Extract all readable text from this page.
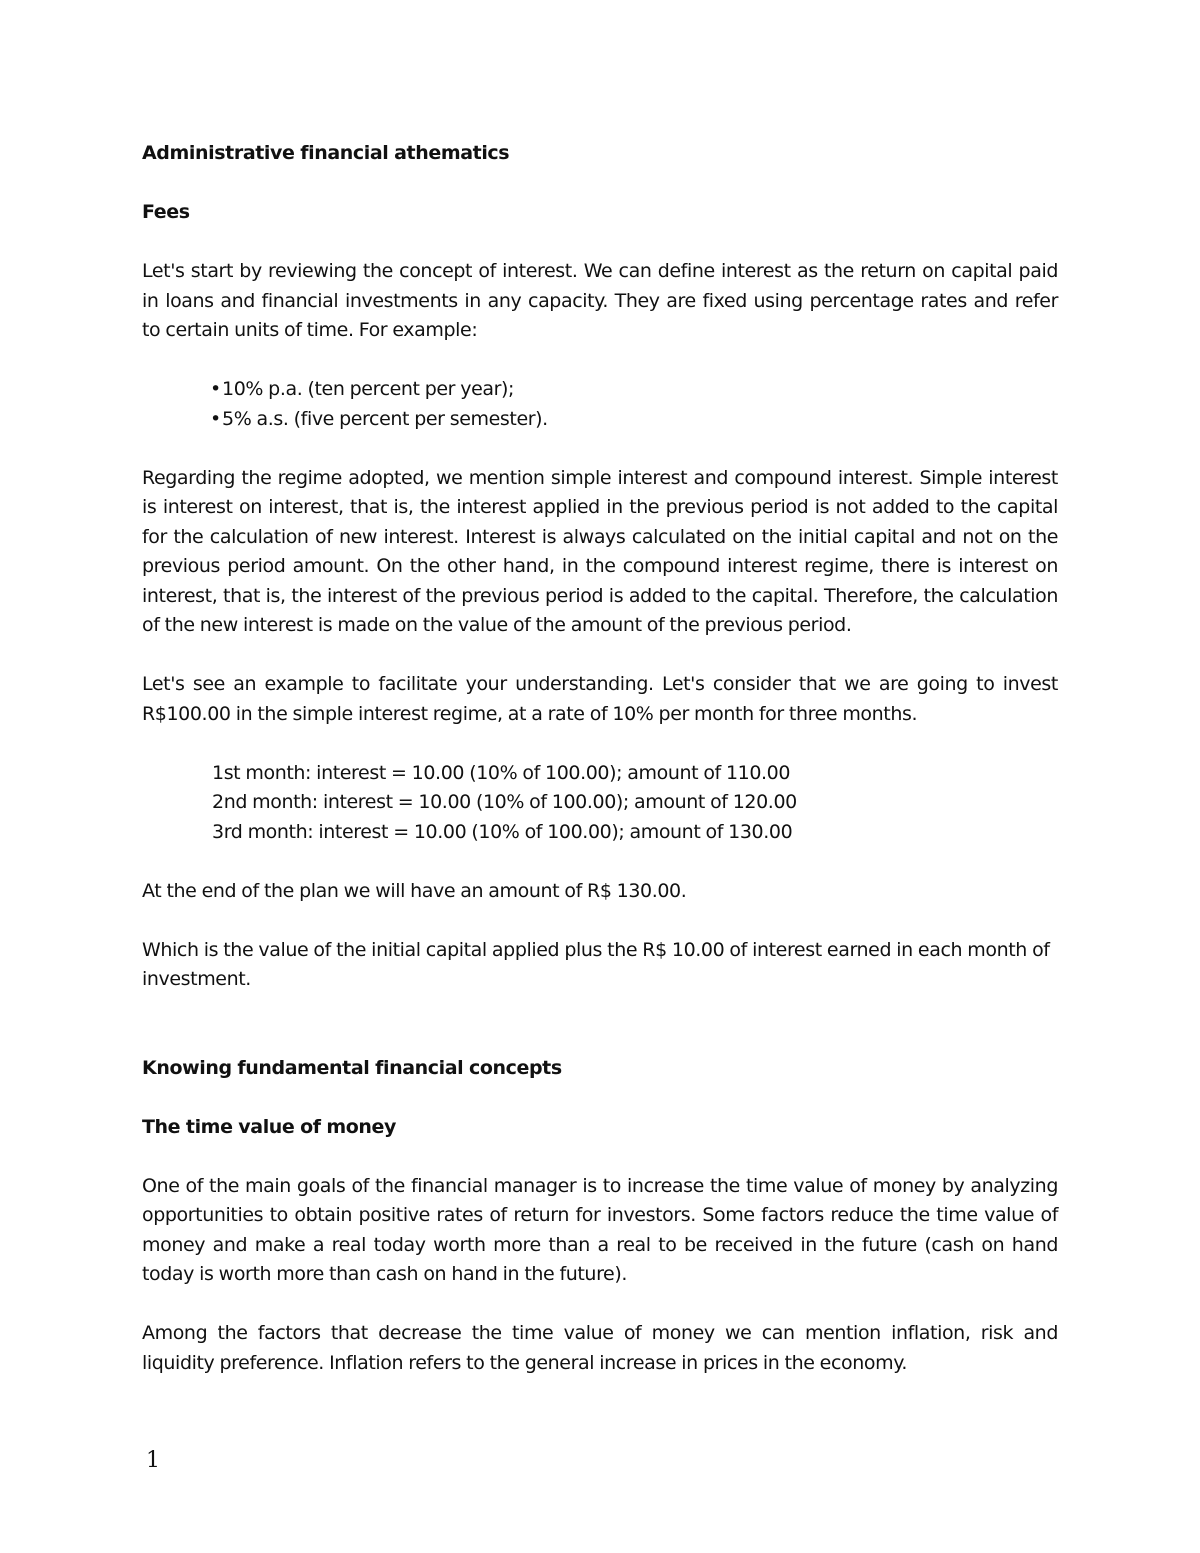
Administrative financial athematics
Fees
Let's start by reviewing the concept of interest. We can define interest as the return on capital paid in loans and financial investments in any capacity. They are fixed using percentage rates and refer to certain units of time. For example:
•10% p.a. (ten percent per year);
•5% a.s. (five percent per semester).
Regarding the regime adopted, we mention simple interest and compound interest. Simple interest is interest on interest, that is, the interest applied in the previous period is not added to the capital for the calculation of new interest. Interest is always calculated on the initial capital and not on the previous period amount. On the other hand, in the compound interest regime, there is interest on interest, that is, the interest of the previous period is added to the capital. Therefore, the calculation of the new interest is made on the value of the amount of the previous period.
Let's see an example to facilitate your understanding. Let's consider that we are going to invest R$100.00 in the simple interest regime, at a rate of 10% per month for three months.
1st month: interest = 10.00 (10% of 100.00); amount of 110.00
2nd month: interest = 10.00 (10% of 100.00); amount of 120.00
3rd month: interest = 10.00 (10% of 100.00); amount of 130.00
At the end of the plan we will have an amount of R$ 130.00.
Which is the value of the initial capital applied plus the R$ 10.00 of interest earned in each month of investment.
Knowing fundamental financial concepts
The time value of money
One of the main goals of the financial manager is to increase the time value of money by analyzing opportunities to obtain positive rates of return for investors. Some factors reduce the time value of money and make a real today worth more than a real to be received in the future (cash on hand today is worth more than cash on hand in the future).
Among the factors that decrease the time value of money we can mention inflation, risk and liquidity preference. Inflation refers to the general increase in prices in the economy.
1
